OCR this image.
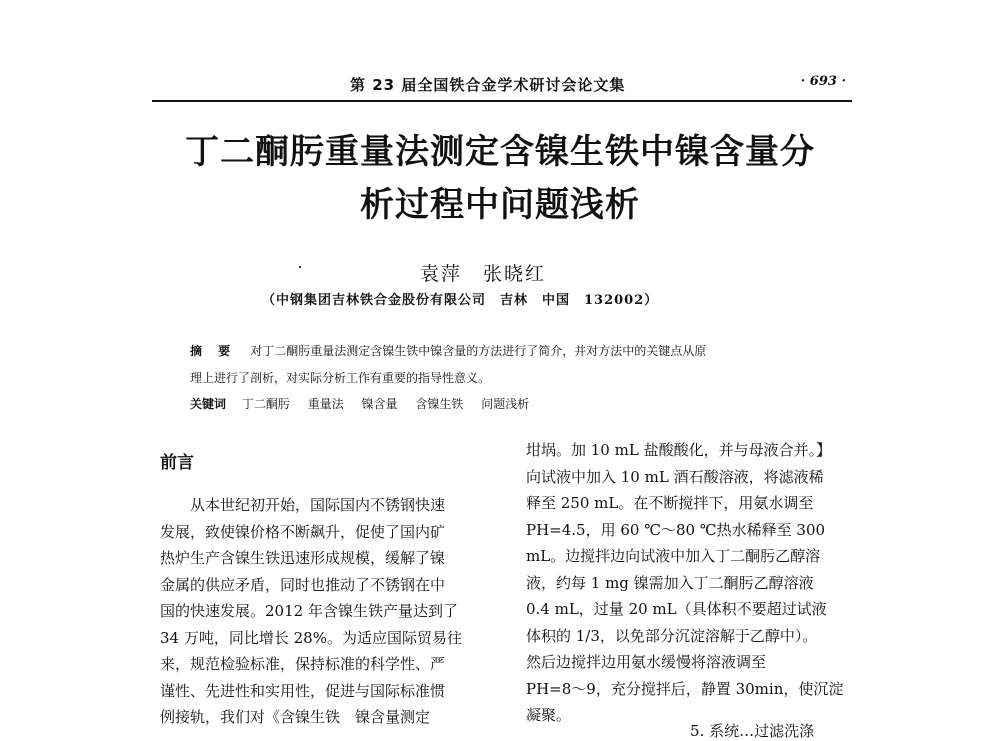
第 23 届全国铁合金学术研讨会论文集	· 693 ·
丁二酮肟重量法测定含镍生铁中镍含量分
析过程中问题浅析
袁萍　张晓红
（中钢集团吉林铁合金股份有限公司　吉林　中国　132002）
摘 要 对丁二酮肟重量法测定含镍生铁中镍含量的方法进行了简介，并对方法中的关键点从原
理上进行了剖析，对实际分析工作有重要的指导性意义。
关键词 丁二酮肟 重量法 镍含量 含镍生铁 问题浅析
前言
　　从本世纪初开始，国际国内不锈钢快速
发展，致使镍价格不断飙升，促使了国内矿
热炉生产含镍生铁迅速形成规模，缓解了镍
金属的供应矛盾，同时也推动了不锈钢在中
国的快速发展。2012 年含镍生铁产量达到了
34 万吨，同比增长 28%。为适应国际贸易往
来，规范检验标准，保持标准的科学性、严
谨性、先进性和实用性，促进与国际标准惯
例接轨，我们对《含镍生铁　镍含量测定
坩埚。加 10 mL 盐酸酸化，并与母液合并。】
向试液中加入 10 mL 酒石酸溶液，将滤液稀
释至 250 mL。在不断搅拌下，用氨水调至
PH=4.5，用 60 ℃～80 ℃热水稀释至 300
mL。边搅拌边向试液中加入丁二酮肟乙醇溶
液，约每 1 mg 镍需加入丁二酮肟乙醇溶液
0.4 mL，过量 20 mL（具体积不要超过试液
体积的 1/3，以免部分沉淀溶解于乙醇中）。
然后边搅拌边用氨水缓慢将溶液调至
PH=8～9，充分搅拌后，静置 30min，使沉淀
凝聚。
5. 系统…过滤洗涤
